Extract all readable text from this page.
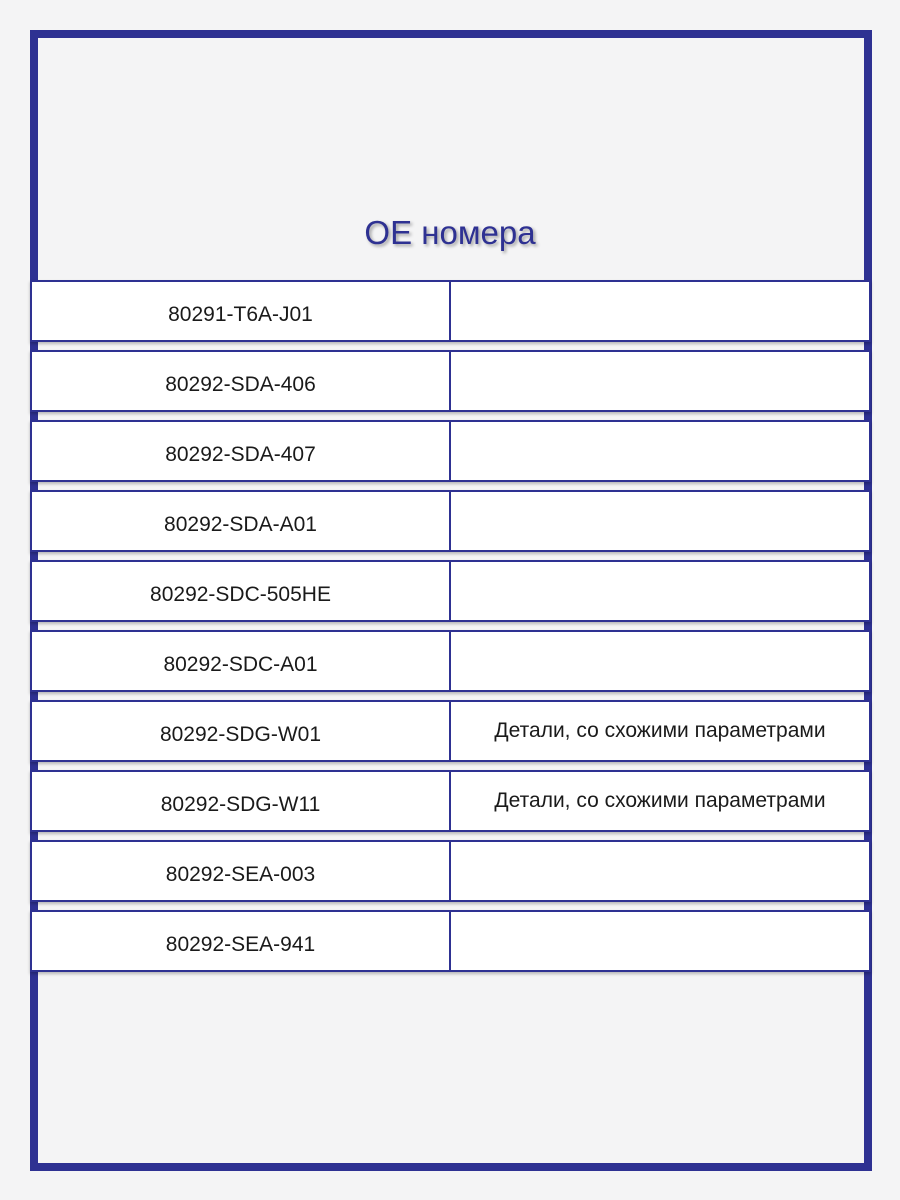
OE номера
80291-T6A-J01
80292-SDA-406
80292-SDA-407
80292-SDA-A01
80292-SDC-505HE
80292-SDC-A01
80292-SDG-W01	Детали, со схожими параметрами
80292-SDG-W11	Детали, со схожими параметрами
80292-SEA-003
80292-SEA-941
